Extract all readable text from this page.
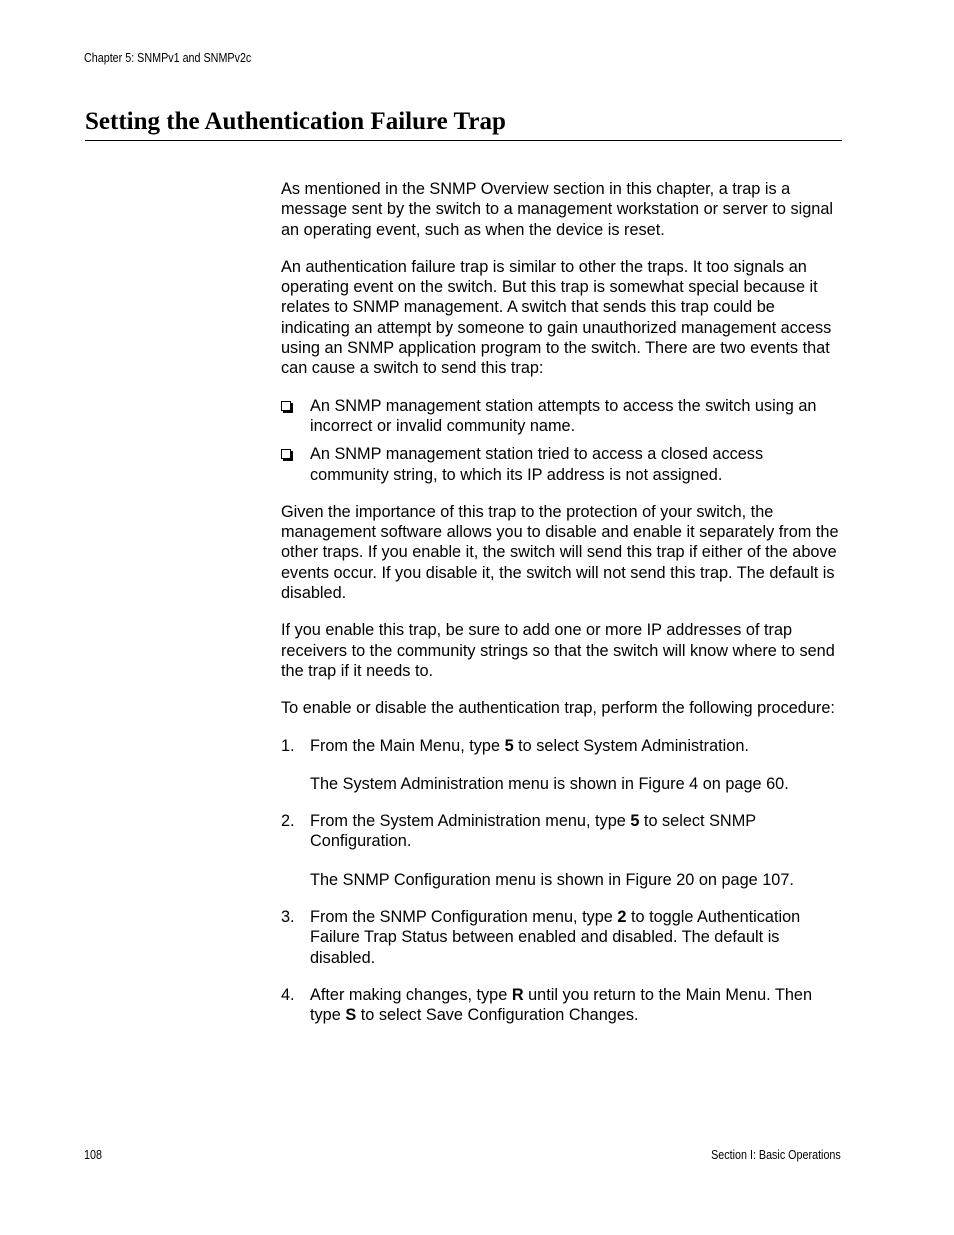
Chapter 5: SNMPv1 and SNMPv2c
Setting the Authentication Failure Trap

As mentioned in the SNMP Overview section in this chapter, a trap is a message sent by the switch to a management workstation or server to signal an operating event, such as when the device is reset.

An authentication failure trap is similar to other the traps. It too signals an operating event on the switch. But this trap is somewhat special because it relates to SNMP management. A switch that sends this trap could be indicating an attempt by someone to gain unauthorized management access using an SNMP application program to the switch. There are two events that can cause a switch to send this trap:

An SNMP management station attempts to access the switch using an incorrect or invalid community name.
An SNMP management station tried to access a closed access community string, to which its IP address is not assigned.

Given the importance of this trap to the protection of your switch, the management software allows you to disable and enable it separately from the other traps. If you enable it, the switch will send this trap if either of the above events occur. If you disable it, the switch will not send this trap. The default is disabled.

If you enable this trap, be sure to add one or more IP addresses of trap receivers to the community strings so that the switch will know where to send the trap if it needs to.

To enable or disable the authentication trap, perform the following procedure:

1. From the Main Menu, type 5 to select System Administration.
The System Administration menu is shown in Figure 4 on page 60.
2. From the System Administration menu, type 5 to select SNMP Configuration.
The SNMP Configuration menu is shown in Figure 20 on page 107.
3. From the SNMP Configuration menu, type 2 to toggle Authentication Failure Trap Status between enabled and disabled. The default is disabled.
4. After making changes, type R until you return to the Main Menu. Then type S to select Save Configuration Changes.
108	Section I: Basic Operations
